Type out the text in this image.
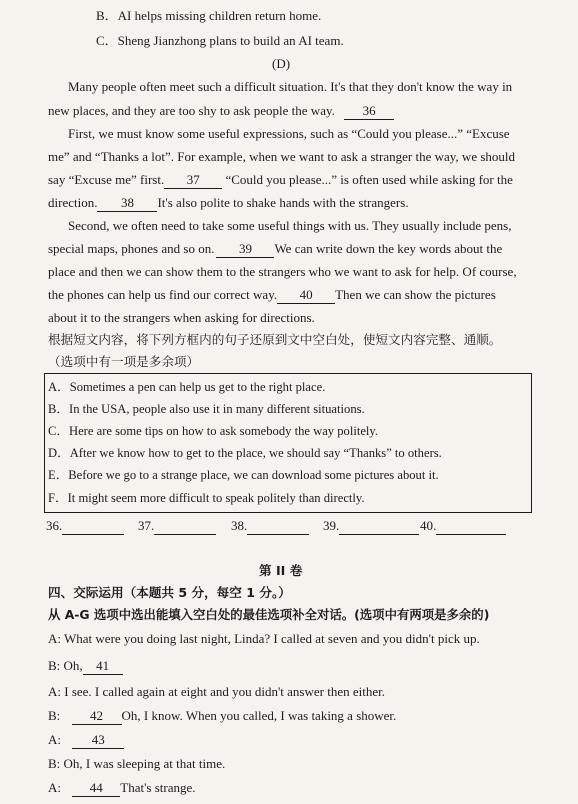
B．AI helps missing children return home.
C．Sheng Jianzhong plans to build an AI team.
(D)
Many people often meet such a difficult situation. It's that they don't know the way in
new places, and they are too shy to ask people the way. 36
First, we must know some useful expressions, such as “Could you please...” “Excuse
me” and “Thanks a lot”. For example, when we want to ask a stranger the way, we should
say “Excuse me” first. 37 “Could you please...” is often used while asking for the
direction. 38 It's also polite to shake hands with the strangers.
Second, we often need to take some useful things with us. They usually include pens,
special maps, phones and so on. 39 We can write down the key words about the
place and then we can show them to the strangers who we want to ask for help. Of course,
the phones can help us find our correct way. 40 Then we can show the pictures
about it to the strangers when asking for directions.
根据短文内容，将下列方框内的句子还原到文中空白处，使短文内容完整、通顺。
（选项中有一项是多余项）
A．Sometimes a pen can help us get to the right place.
B．In the USA, people also use it in many different situations.
C．Here are some tips on how to ask somebody the way politely.
D．After we know how to get to the place, we should say “Thanks” to others.
E．Before we go to a strange place, we can download some pictures about it.
F．It might seem more difficult to speak politely than directly.
36.	37.	38.	39.	40.
第 II 卷
四、交际运用（本题共 5 分，每空 1 分。）
从 A-G 选项中选出能填入空白处的最佳选项补全对话。(选项中有两项是多余的)
A: What were you doing last night, Linda? I called at seven and you didn't pick up.
B: Oh, 41
A: I see. I called again at eight and you didn't answer then either.
B: 42 Oh, I know. When you called, I was taking a shower.
A: 43
B: Oh, I was sleeping at that time.
A: 44 That's strange.
